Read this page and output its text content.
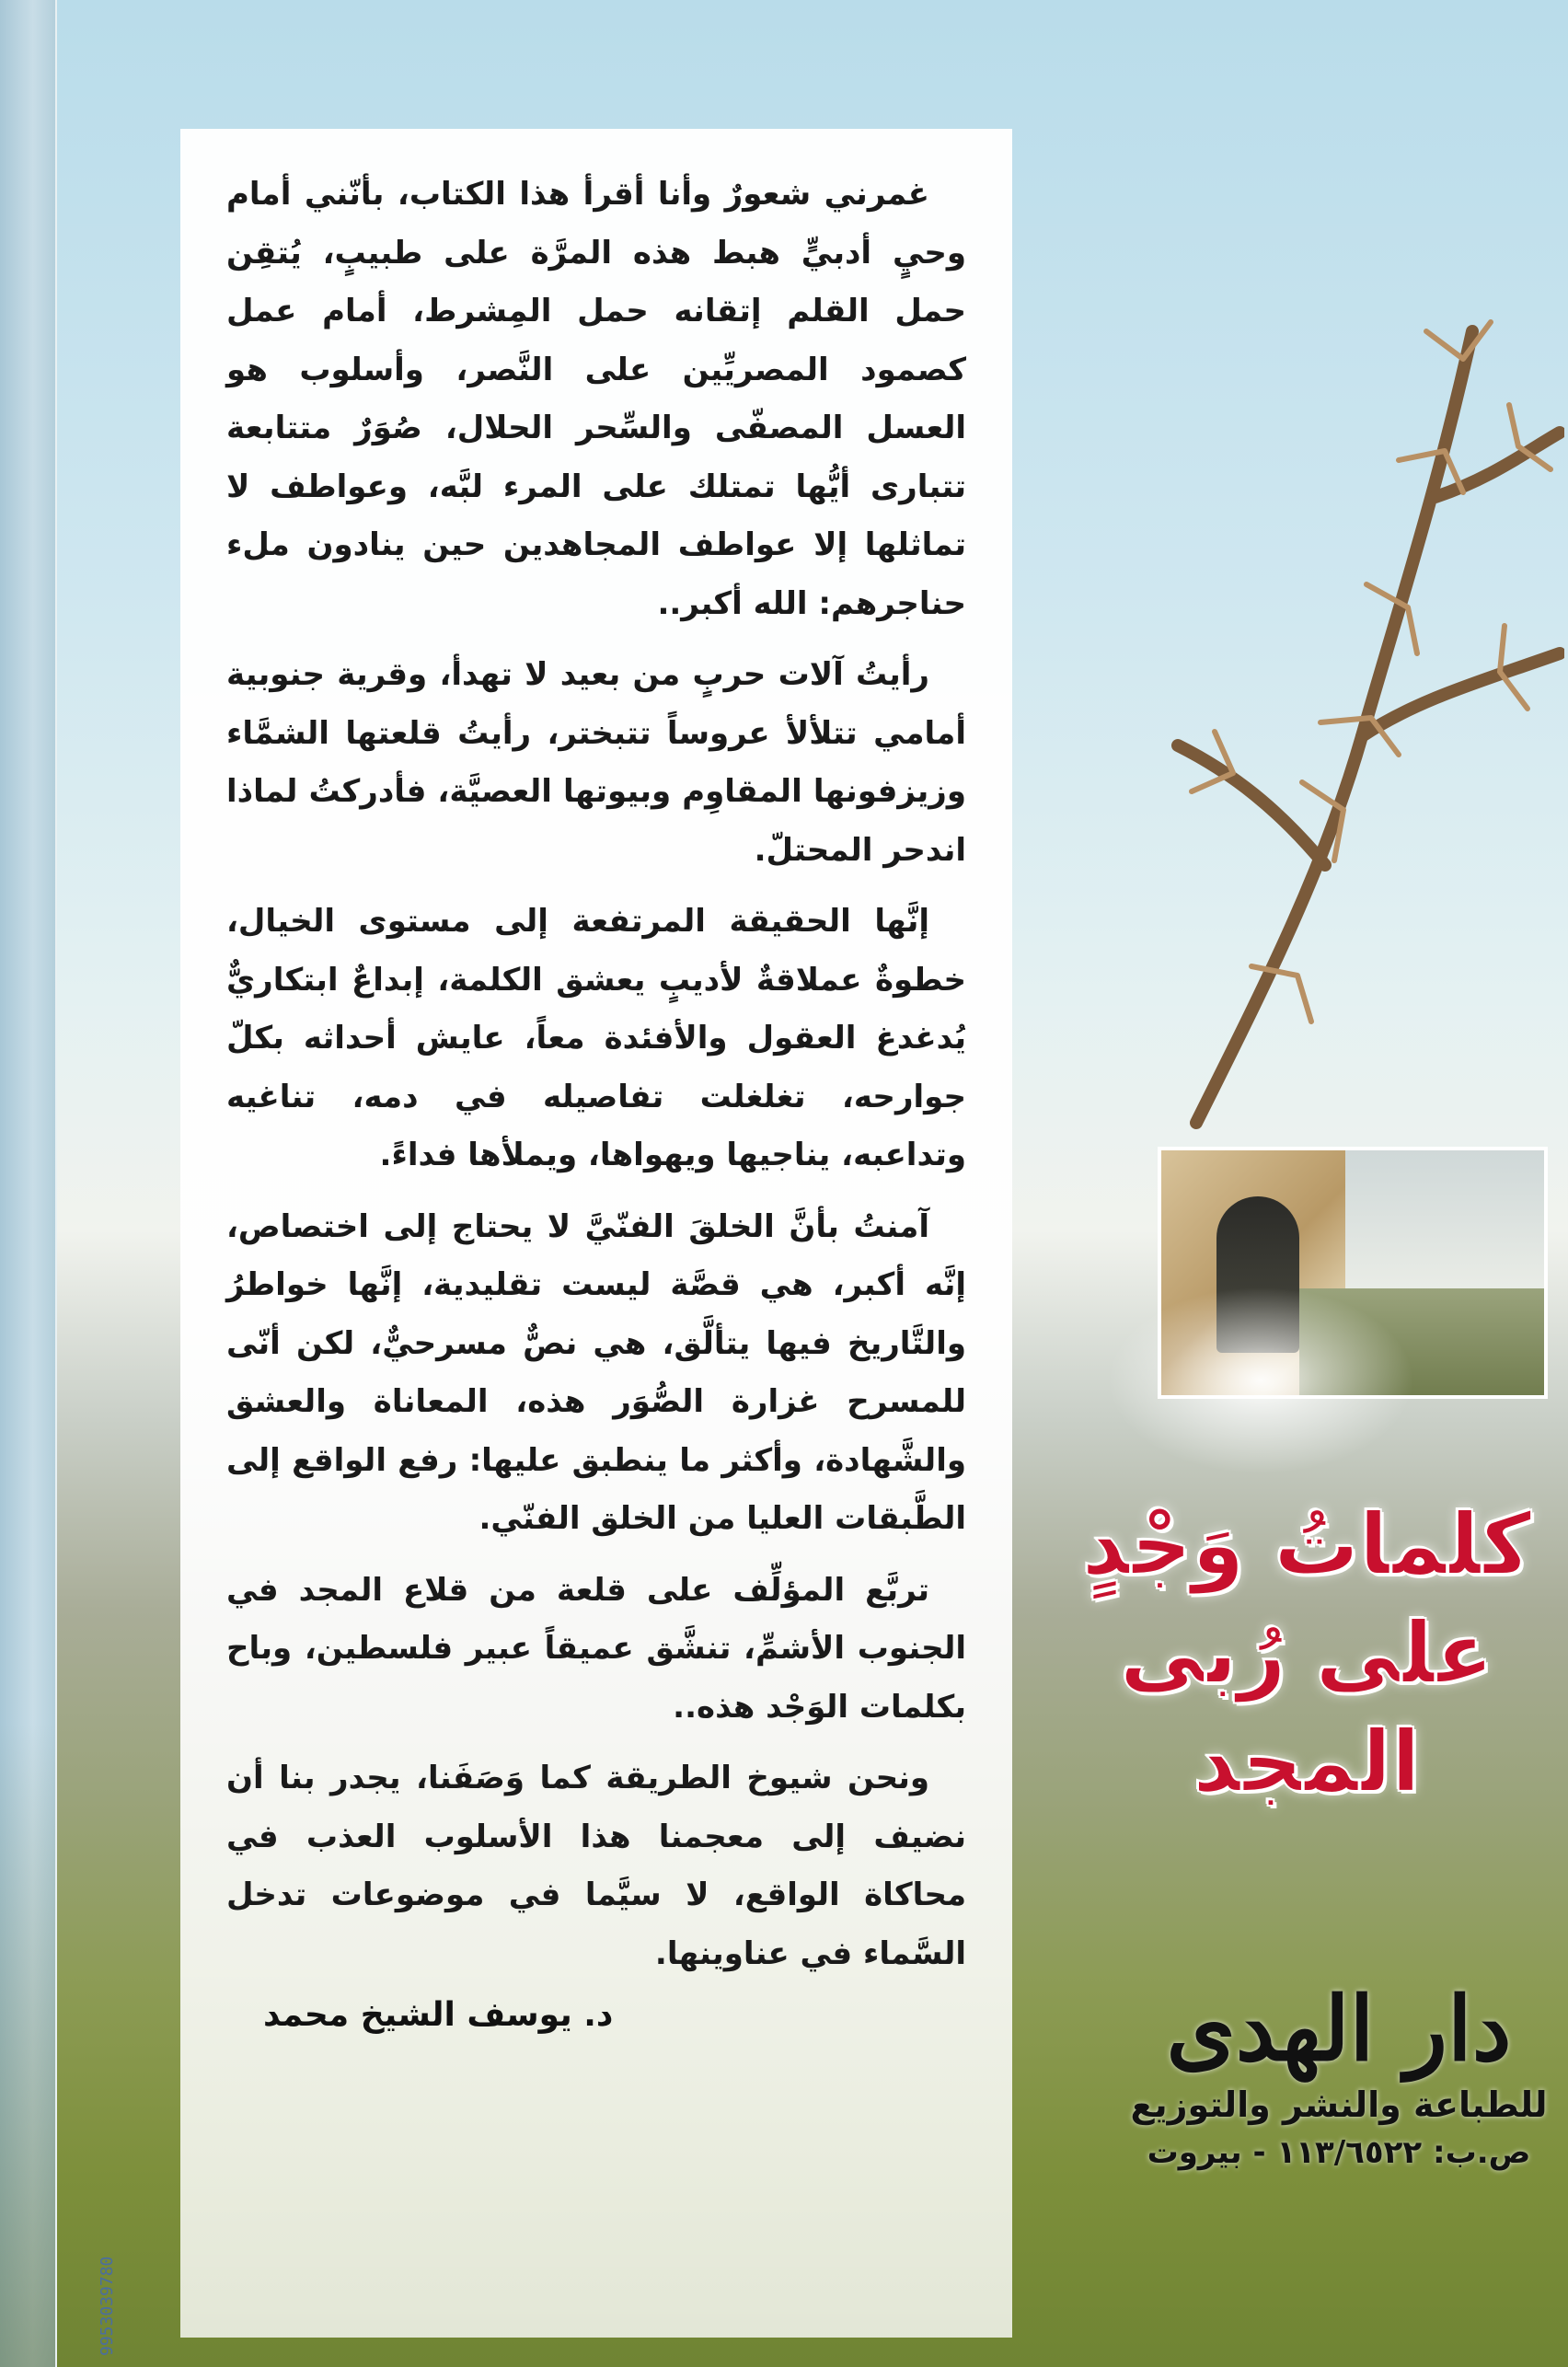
غمرني شعورٌ وأنا أقرأ هذا الكتاب، بأنّني أمام وحيٍ أدبيٍّ هبط هذه المرَّة على طبيبٍ، يُتقِن حمل القلم إتقانه حمل المِشرط، أمام عمل كصمود المصريِّين على النَّصر، وأسلوب هو العسل المصفّى والسِّحر الحلال، صُوَرٌ متتابعة تتبارى أيُّها تمتلك على المرء لبَّه، وعواطف لا تماثلها إلا عواطف المجاهدين حين ينادون ملء حناجرهم: الله أكبر..

رأيتُ آلات حربٍ من بعيد لا تهدأ، وقرية جنوبية أمامي تتلألأ عروساً تتبختر، رأيتُ قلعتها الشمَّاء وزيزفونها المقاوِم وبيوتها العصيَّة، فأدركتُ لماذا اندحر المحتلّ.

إنَّها الحقيقة المرتفعة إلى مستوى الخيال، خطوةٌ عملاقةٌ لأديبٍ يعشق الكلمة، إبداعٌ ابتكاريٌّ يُدغدغ العقول والأفئدة معاً، عايش أحداثه بكلّ جوارحه، تغلغلت تفاصيله في دمه، تناغيه وتداعبه، يناجيها ويهواها، ويملأها فداءً.

آمنتُ بأنَّ الخلقَ الفنّيَّ لا يحتاج إلى اختصاص، إنَّه أكبر، هي قصَّة ليست تقليدية، إنَّها خواطرُ والتَّاريخ فيها يتألَّق، هي نصٌّ مسرحيٌّ، لكن أنّى للمسرح غزارة الصُّوَر هذه، المعاناة والعشق والشَّهادة، وأكثر ما ينطبق عليها: رفع الواقع إلى الطَّبقات العليا من الخلق الفنّي.

تربَّع المؤلِّف على قلعة من قلاع المجد في الجنوب الأشمِّ، تنشَّق عميقاً عبير فلسطين، وباح بكلمات الوَجْد هذه..

ونحن شيوخ الطريقة كما وَصَفَنا، يجدر بنا أن نضيف إلى معجمنا هذا الأسلوب العذب في محاكاة الواقع، لا سيَّما في موضوعات تدخل السَّماء في عناوينها.

د. يوسف الشيخ محمد
9953039780
كلماتُ وَجْدٍ
على رُبى المجد
دار الهدى
للطباعة والنشر والتوزيع
ص.ب: ١١٣/٦٥٢٢ - بيروت
